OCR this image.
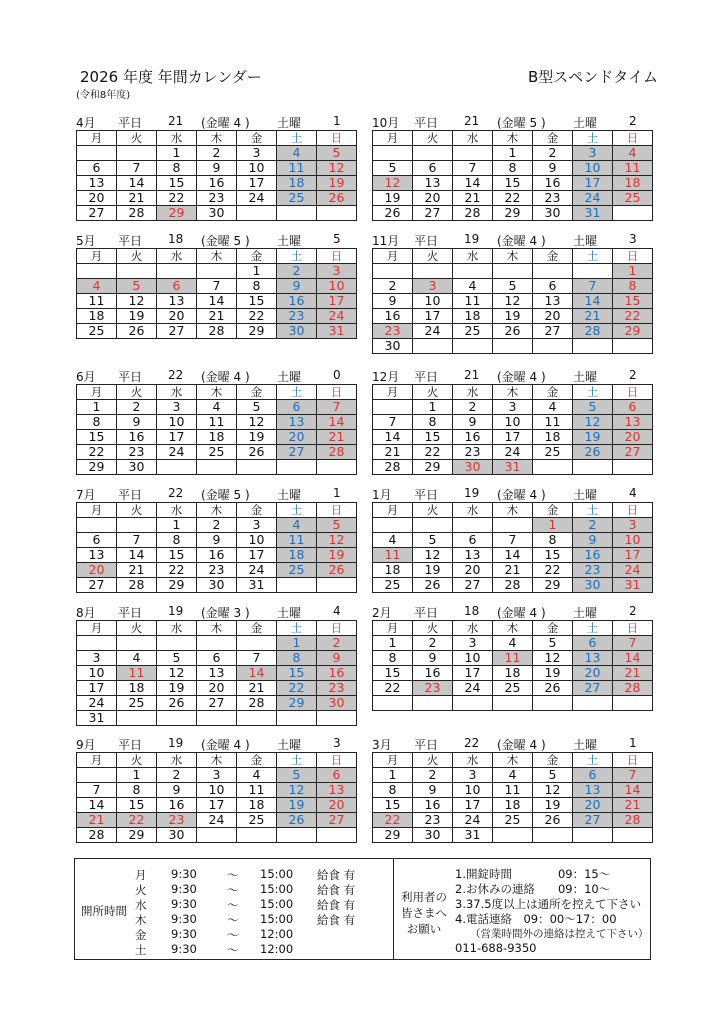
2026 年度 年間カレンダー
(令和8年度)
B型スペンドタイム
4月 平日 21 (金曜 4 ) 土曜	1
月	火	水	木	金	土	日
		1	2	3	4	5
6	7	8	9	10	11	12
13	14	15	16	17	18	19
20	21	22	23	24	25	26
27	28	29	30			
10月 平日 21 (金曜 5 ) 土曜	2
月	火	水	木	金	土	日
			1	2	3	4
5	6	7	8	9	10	11
12	13	14	15	16	17	18
19	20	21	22	23	24	25
26	27	28	29	30	31	
5月 平日 18 (金曜 5 ) 土曜	5
月	火	水	木	金	土	日
				1	2	3
4	5	6	7	8	9	10
11	12	13	14	15	16	17
18	19	20	21	22	23	24
25	26	27	28	29	30	31
11月 平日 19 (金曜 4 ) 土曜	3
月	火	水	木	金	土	日
						1
2	3	4	5	6	7	8
9	10	11	12	13	14	15
16	17	18	19	20	21	22
23	24	25	26	27	28	29
30						
6月 平日 22 (金曜 4 ) 土曜	0
月	火	水	木	金	土	日
1	2	3	4	5	6	7
8	9	10	11	12	13	14
15	16	17	18	19	20	21
22	23	24	25	26	27	28
29	30					
12月 平日 21 (金曜 4 ) 土曜	2
月	火	水	木	金	土	日
	1	2	3	4	5	6
7	8	9	10	11	12	13
14	15	16	17	18	19	20
21	22	23	24	25	26	27
28	29	30	31			
7月 平日 22 (金曜 5 ) 土曜	1
月	火	水	木	金	土	日
		1	2	3	4	5
6	7	8	9	10	11	12
13	14	15	16	17	18	19
20	21	22	23	24	25	26
27	28	29	30	31		
1月 平日 19 (金曜 4 ) 土曜	4
月	火	水	木	金	土	日
				1	2	3
4	5	6	7	8	9	10
11	12	13	14	15	16	17
18	19	20	21	22	23	24
25	26	27	28	29	30	31
8月 平日 19 (金曜 3 ) 土曜	4
月	火	水	木	金	土	日
					1	2
3	4	5	6	7	8	9
10	11	12	13	14	15	16
17	18	19	20	21	22	23
24	25	26	27	28	29	30
31						
2月 平日 18 (金曜 4 ) 土曜	2
月	火	水	木	金	土	日
1	2	3	4	5	6	7
8	9	10	11	12	13	14
15	16	17	18	19	20	21
22	23	24	25	26	27	28

9月 平日 19 (金曜 4 ) 土曜	3
月	火	水	木	金	土	日
	1	2	3	4	5	6
7	8	9	10	11	12	13
14	15	16	17	18	19	20
21	22	23	24	25	26	27
28	29	30				
3月 平日 22 (金曜 4 ) 土曜	1
月	火	水	木	金	土	日
1	2	3	4	5	6	7
8	9	10	11	12	13	14
15	16	17	18	19	20	21
22	23	24	25	26	27	28
29	30	31				
開所時間
月 9:30	～ 15:00 給食 有
火 9:30	～ 15:00 給食 有
水 9:30	～ 15:00 給食 有
木 9:30	～ 15:00 給食 有
金 9:30	～ 12:00
土 9:30	～ 12:00
利用者の 皆さまへ お願い
1.開錠時間　　　　09：15～
2.お休みの連絡　　09：10～
3.37.5度以上は通所を控えて下さい
4.電話連絡　09：00～17：00
（営業時間外の連絡は控えて下さい）
011-688-9350
